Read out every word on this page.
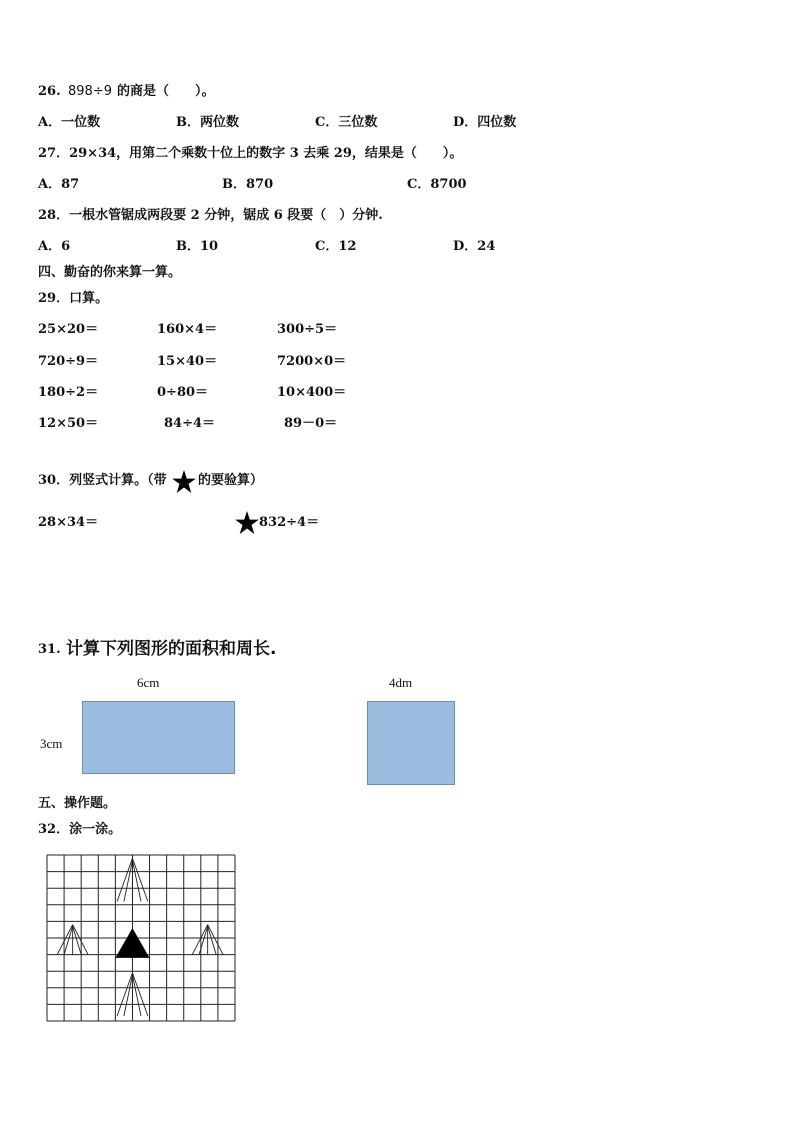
26. 898÷9 的商是（　　）。
A．一位数	B．两位数	C．三位数	D．四位数
27．29×34，用第二个乘数十位上的数字 3 去乘 29，结果是（　　）。
A．87	B．870	C．8700
28．一根水管锯成两段要 2 分钟，锯成 6 段要（　）分钟.
A．6	B．10	C．12	D．24
四、勤奋的你来算一算。
29．口算。
25×20＝	160×4＝	300÷5＝
720÷9＝	15×40＝	7200×0＝
180÷2＝	0÷80＝	10×400＝
12×50＝	84÷4＝	89－0＝
30．列竖式计算。（带 的要验算）
28×34＝	832÷4＝
31. 计算下列图形的面积和周长.
6cm
3cm
4dm
五、操作题。
32．涂一涂。
